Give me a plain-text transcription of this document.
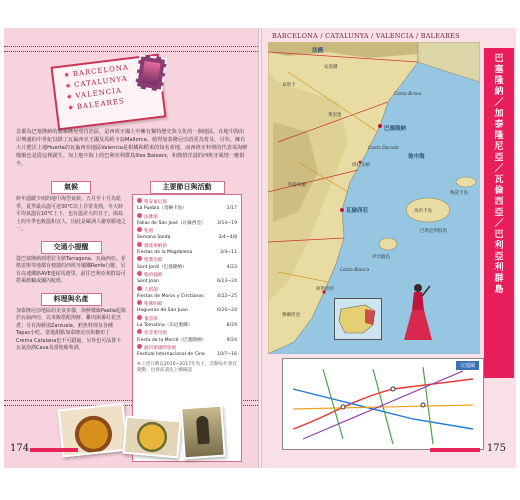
★BARCELONA
★CATALUNYA
★VALENCIA
★BALEARES
首都為巴塞隆納的加泰隆尼亞自治區，是西班牙國土中擁有獨特歷史與文化的一個地區，在地中海沿岸興盛的中世紀以降了瓦倫西亞王國及馬約卡島Mallorca，使得加泰隆尼亞語更為普及。另外，擁有大片肥沃土地Huerta的瓦倫西亞地區Valencia是柑橘和稻米的知名產地，而西班牙料理的代表菜海鮮燉飯也是從這裡誕生。加上地中海上的巴利亞利群島Illes Balears，和熱情洋溢的西班牙風情一應俱全。
氣候
終年溫暖少雨的地中海型氣候，五月至十月為乾季，夏季最高溫可達30℃以上非常炎熱，冬天時平均氣溫在10℃上下，也有溫差大的日子。海島上的冬季也較溫和宜人，因此是歐洲人避寒勝地之一。
交通小提醒
從巴塞隆納到塔拉戈納Tarragona、瓦倫西亞、菲格雷斯等地都有便捷的西班牙國鐵Renfe行駛，另有高速鐵路AVE連結馬德里，前往巴利亞利群島可搭乘渡輪或國內航班。
料理與名產
加泰隆尼亞地區的美食多樣，海鮮燉飯Paella起源於瓦倫西亞，以米飯搭配海鮮、雞肉與番紅花烹煮；另有海鮮湯Zarzuela、鱈魚料理及各種Tapas小吃。當地甜點加泰隆尼亞焦糖布丁Crema Catalana也不可錯過，另外也可品嘗卡瓦氣泡酒Cava及當地葡萄酒。
主要節日與活動
聖安東尼節
La Puebla（馬略卡島）	1/17
法雅節
Fallas de San José（瓦倫西亞） 3/14~19
聖週
Semana Santa	3/4~4/8
瑪達萊納節
Fiestas de la Magdalena	3/4~11
聖喬治節
Sant Jordi（巴塞隆納）	4/23
聖約翰節
Sant Joan	6/23~24
人塔節
Fiestas de Moros y Cristianos	4/22~25
聖佛明節
Hogueras de San Juan	6/20~24
番茄節
La Tomatina（布尼奧爾）	8/29
慈悲聖母節
Fiesta de la Mercè（巴塞隆納）	9/24
錫切斯國際影展
Festival Internacional de Cine	10/7~16
※上述日期以2016~2017年為主，活動每年會有變動，出發前請先上網確認
174
BARCELONA / CATALUNYA / VALENCIA / BALEARES
法國
安道爾
巴塞隆納
地中海
瓦倫西亞	馬約卡島
伊比薩島
梅諾卡島
巴利亞利群島
阿利坎特
穆爾西亞
Costa Brava
Costa Dorada
Costa Blanca
塔拉戈納
萊里達
韋斯卡
特魯埃爾
巴塞隆納／加泰隆尼亞／瓦倫西亞／巴利亞利群島
交通圖
175
